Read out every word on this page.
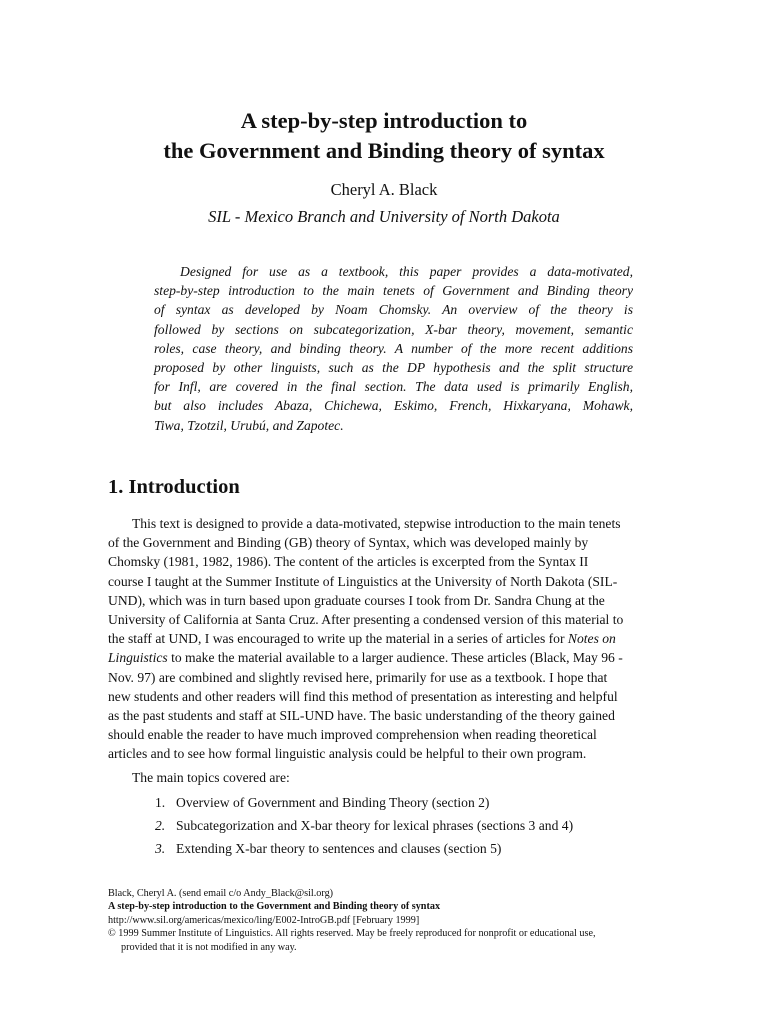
A step-by-step introduction to
the Government and Binding theory of syntax

Cheryl A. Black

SIL - Mexico Branch and University of North Dakota

Designed for use as a textbook, this paper provides a data-motivated,
step-by-step introduction to the main tenets of Government and Binding theory
of syntax as developed by Noam Chomsky. An overview of the theory is
followed by sections on subcategorization, X-bar theory, movement, semantic
roles, case theory, and binding theory. A number of the more recent additions
proposed by other linguists, such as the DP hypothesis and the split structure
for Infl, are covered in the final section. The data used is primarily English,
but also includes Abaza, Chichewa, Eskimo, French, Hixkaryana, Mohawk,
Tiwa, Tzotzil, Urubú, and Zapotec.
1. Introduction
This text is designed to provide a data-motivated, stepwise introduction to the main tenets
of the Government and Binding (GB) theory of Syntax, which was developed mainly by
Chomsky (1981, 1982, 1986). The content of the articles is excerpted from the Syntax II
course I taught at the Summer Institute of Linguistics at the University of North Dakota (SIL-
UND), which was in turn based upon graduate courses I took from Dr. Sandra Chung at the
University of California at Santa Cruz. After presenting a condensed version of this material to
the staff at UND, I was encouraged to write up the material in a series of articles for Notes on
Linguistics to make the material available to a larger audience. These articles (Black, May 96 -
Nov. 97) are combined and slightly revised here, primarily for use as a textbook. I hope that
new students and other readers will find this method of presentation as interesting and helpful
as the past students and staff at SIL-UND have. The basic understanding of the theory gained
should enable the reader to have much improved comprehension when reading theoretical
articles and to see how formal linguistic analysis could be helpful to their own program.
The main topics covered are:
1. Overview of Government and Binding Theory (section 2)
2. Subcategorization and X-bar theory for lexical phrases (sections 3 and 4)
3. Extending X-bar theory to sentences and clauses (section 5)
Black, Cheryl A. (send email c/o Andy_Black@sil.org)
A step-by-step introduction to the Government and Binding theory of syntax
http://www.sil.org/americas/mexico/ling/E002-IntroGB.pdf [February 1999]
© 1999 Summer Institute of Linguistics. All rights reserved. May be freely reproduced for nonprofit or educational use,
provided that it is not modified in any way.
